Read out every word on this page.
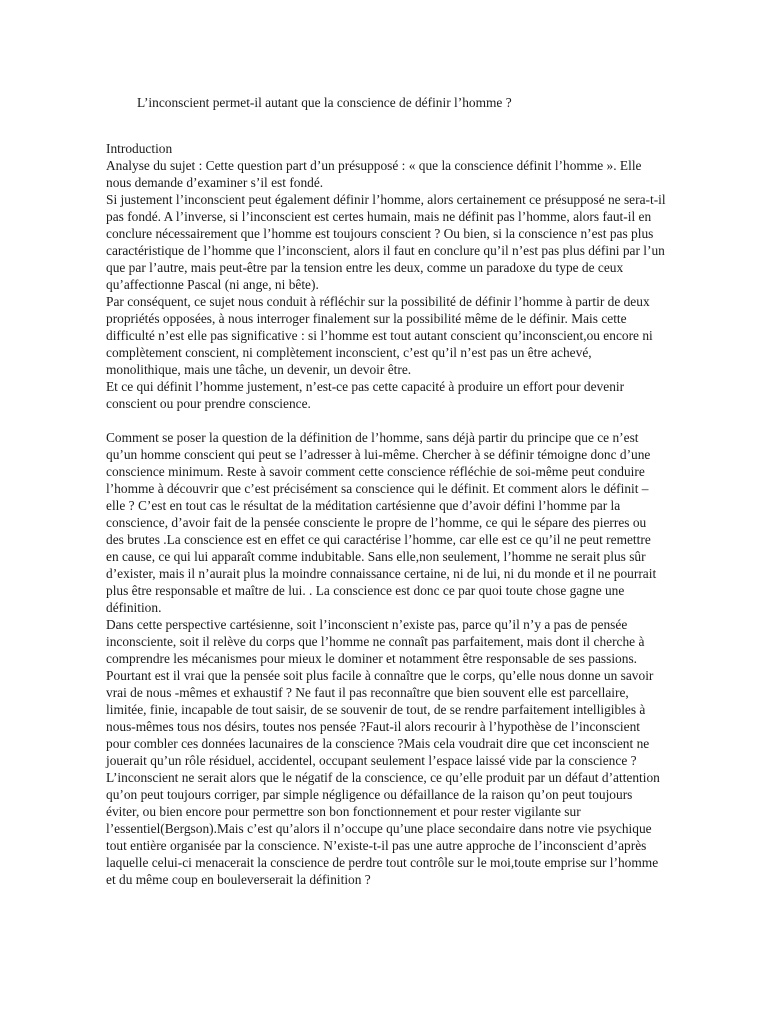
L’inconscient permet-il autant que la conscience de définir l’homme ?

Introduction

Analyse du sujet : Cette question part d’un présupposé : « que la conscience définit l’homme ». Elle nous demande d’examiner s’il est fondé.

Si justement l’inconscient peut également définir l’homme, alors certainement ce présupposé ne sera-t-il pas fondé. A l’inverse, si l’inconscient est certes humain, mais ne définit pas l’homme, alors faut-il en conclure nécessairement que l’homme est toujours conscient ? Ou bien, si la conscience n’est pas plus caractéristique de l’homme que l’inconscient, alors il faut en conclure qu’il n’est pas plus défini par l’un que par l’autre, mais peut-être par la tension entre les deux, comme un paradoxe du type de ceux qu’affectionne Pascal (ni ange, ni bête).

Par conséquent, ce sujet nous conduit à réfléchir sur la possibilité de définir l’homme à partir de deux propriétés opposées, à nous interroger finalement sur la possibilité même de le définir. Mais cette difficulté n’est elle pas significative : si l’homme est tout autant conscient qu’inconscient,ou encore ni complètement conscient, ni complètement inconscient, c’est qu’il n’est pas un être achevé, monolithique, mais une tâche, un devenir, un devoir être.

Et ce qui définit l’homme justement, n’est-ce pas cette capacité à produire un effort pour devenir conscient ou pour prendre conscience.

Comment se poser la question de la définition de l’homme, sans déjà partir du principe que ce n’est qu’un homme conscient qui peut se l’adresser à lui-même. Chercher à se définir témoigne donc d’une conscience minimum. Reste à savoir comment cette conscience réfléchie de soi-même peut conduire l’homme à découvrir que c’est précisément sa conscience qui le définit. Et comment alors le définit –elle ? C’est en tout cas le résultat de la méditation cartésienne que d’avoir défini l’homme par la conscience, d’avoir fait de la pensée consciente le propre de l’homme, ce qui le sépare des pierres ou des brutes .La conscience est en effet ce qui caractérise l’homme, car elle est ce qu’il ne peut remettre en cause, ce qui lui apparaît comme indubitable. Sans elle,non seulement, l’homme ne serait plus sûr d’exister, mais il n’aurait plus la moindre connaissance certaine, ni de lui, ni du monde et il ne pourrait plus être responsable et maître de lui. . La conscience est donc ce par quoi toute chose gagne une définition.

Dans cette perspective cartésienne, soit l’inconscient n’existe pas, parce qu’il n’y a pas de pensée inconsciente, soit il relève du corps que l’homme ne connaît pas parfaitement, mais dont il cherche à comprendre les mécanismes pour mieux le dominer et notamment être responsable de ses passions.

Pourtant est il vrai que la pensée soit plus facile à connaître que le corps, qu’elle nous donne un savoir vrai de nous -mêmes et exhaustif ? Ne faut il pas reconnaître que bien souvent elle est parcellaire, limitée, finie, incapable de tout saisir, de se souvenir de tout, de se rendre parfaitement intelligibles à nous-mêmes tous nos désirs, toutes nos pensée ?Faut-il alors recourir à l’hypothèse de l’inconscient pour combler ces données lacunaires de la conscience ?Mais cela voudrait dire que cet inconscient ne jouerait qu’un rôle résiduel, accidentel, occupant seulement l’espace laissé vide par la conscience ?L’inconscient ne serait alors que le négatif de la conscience, ce qu’elle produit par un défaut d’attention qu’on peut toujours corriger, par simple négligence ou défaillance de la raison qu’on peut toujours éviter, ou bien encore pour permettre son bon fonctionnement et pour rester vigilante sur l’essentiel(Bergson).Mais c’est qu’alors il n’occupe qu’une place secondaire dans notre vie psychique tout entière organisée par la conscience. N’existe-t-il pas une autre approche de l’inconscient d’après laquelle celui-ci menacerait la conscience de perdre tout contrôle sur le moi,toute emprise sur l’homme et du même coup en bouleverserait la définition ?
